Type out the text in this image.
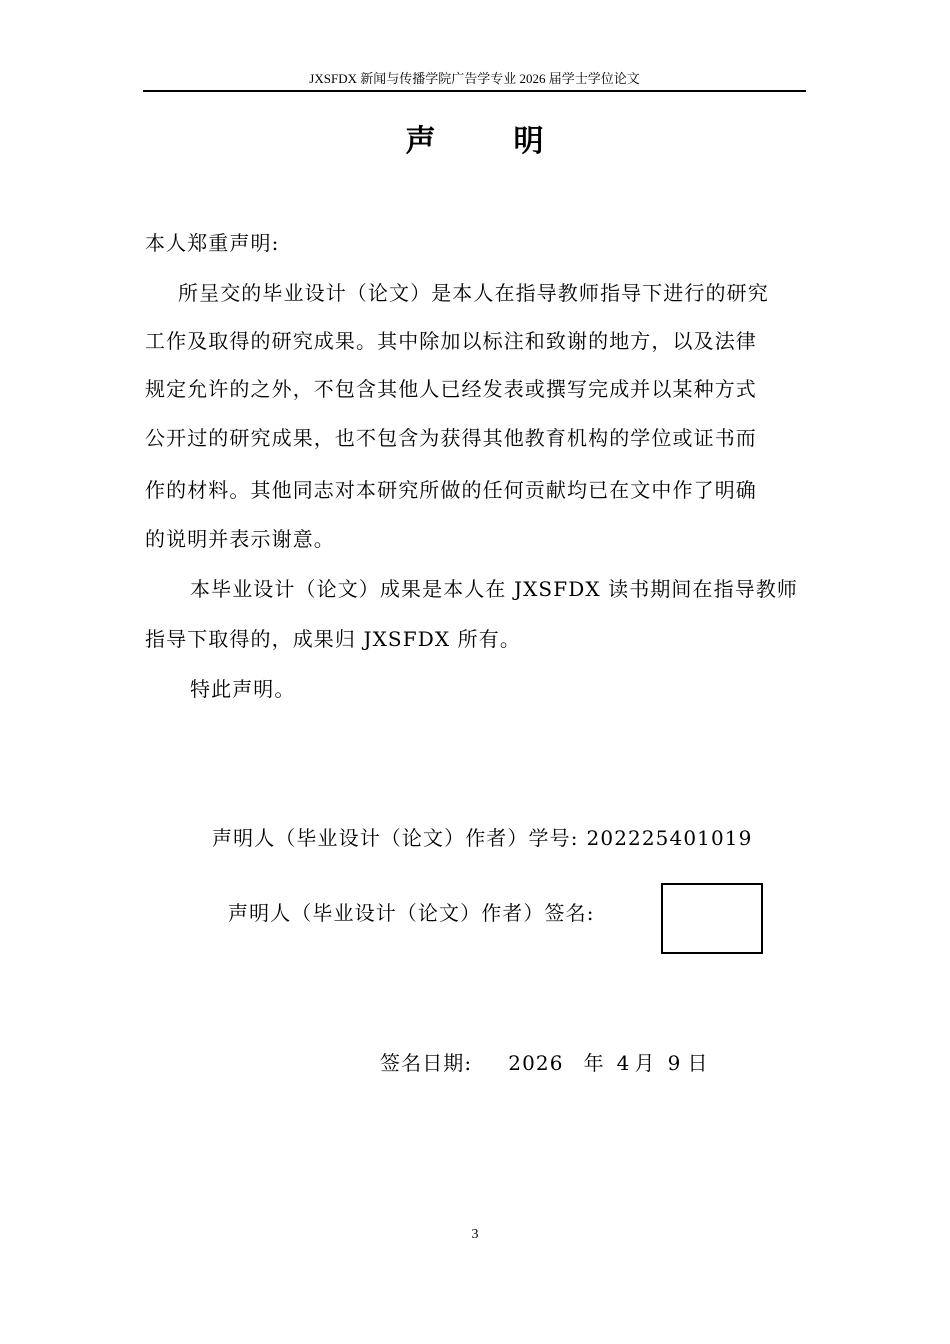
JXSFDX 新闻与传播学院广告学专业 2026 届学士学位论文
声	明
本人郑重声明:
所呈交的毕业设计（论文）是本人在指导教师指导下进行的研究
工作及取得的研究成果。其中除加以标注和致谢的地方，以及法律
规定允许的之外，不包含其他人已经发表或撰写完成并以某种方式
公开过的研究成果，也不包含为获得其他教育机构的学位或证书而
作的材料。其他同志对本研究所做的任何贡献均已在文中作了明确
的说明并表示谢意。
本毕业设计（论文）成果是本人在 JXSFDX 读书期间在指导教师
指导下取得的，成果归 JXSFDX 所有。
特此声明。
声明人（毕业设计（论文）作者）学号: 202225401019
声明人（毕业设计（论文）作者）签名:
签名日期: 2026 年 4 月 9 日
3
